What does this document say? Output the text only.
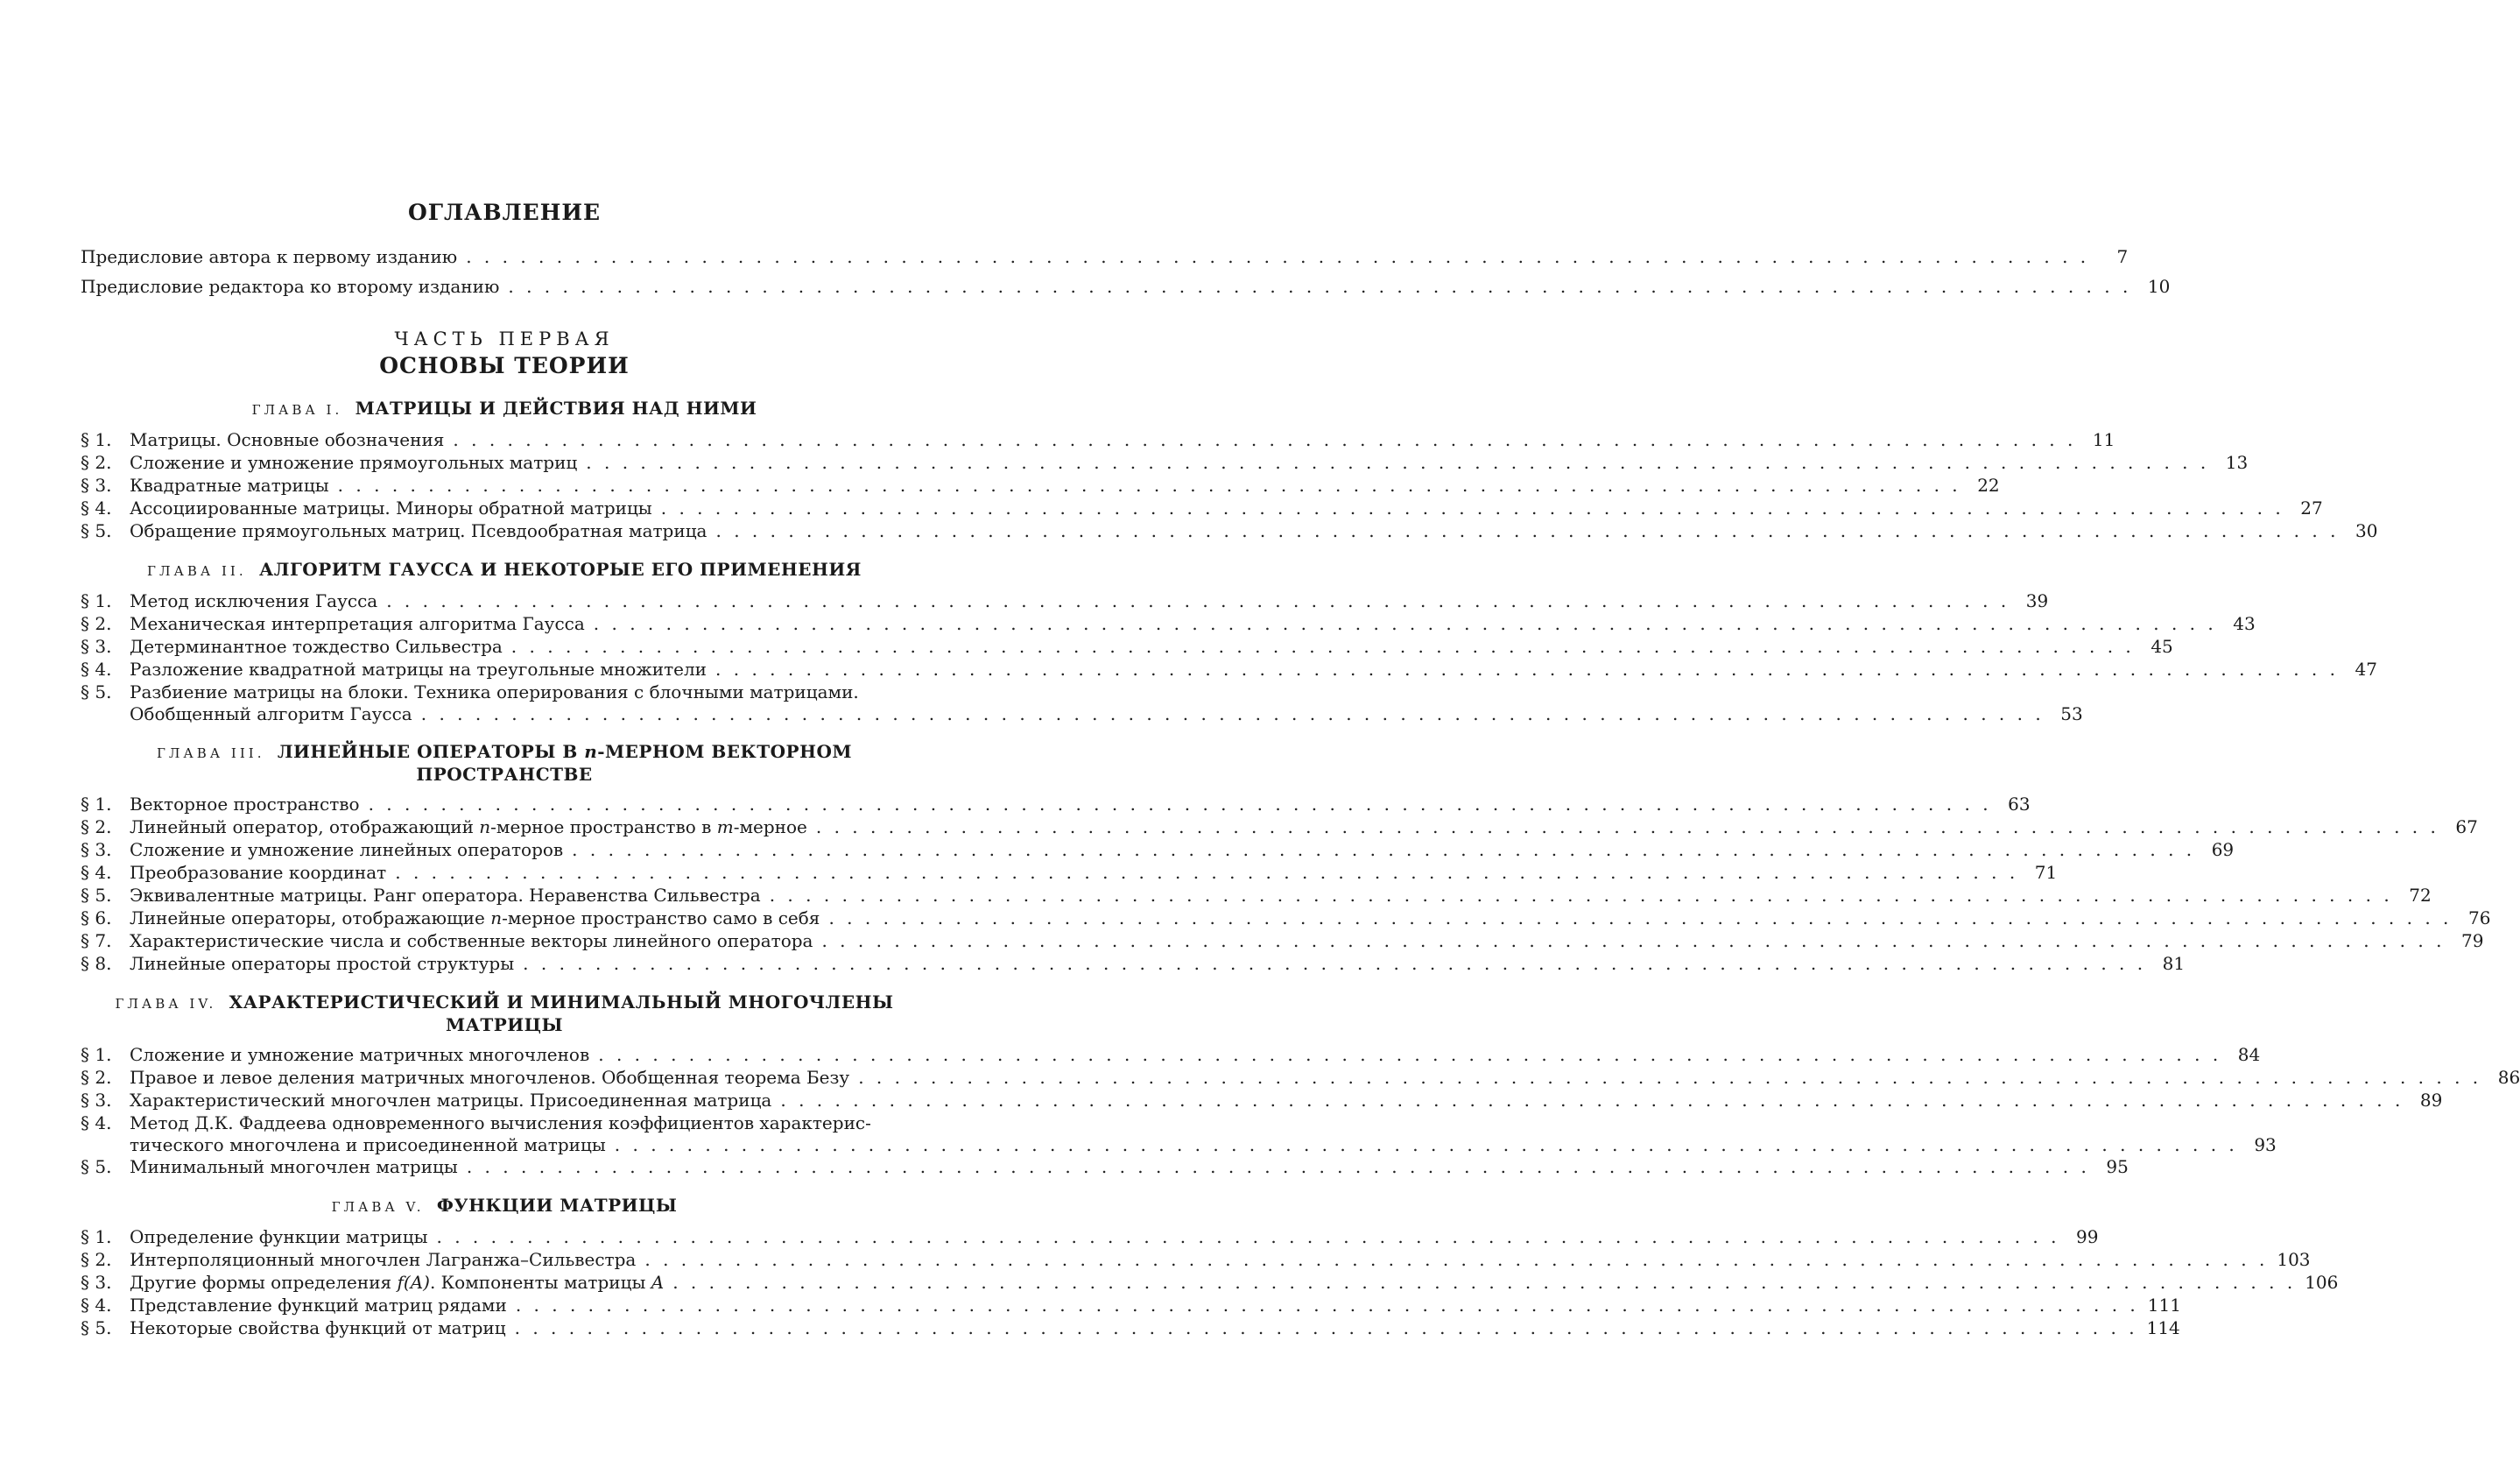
ОГЛАВЛЕНИЕ
Предисловие автора к первому изданию . . .	7
Предисловие редактора ко второму изданию . . .	10
ЧАСТЬ ПЕРВАЯ
ОСНОВЫ ТЕОРИИ
ГЛАВА I. МАТРИЦЫ И ДЕЙСТВИЯ НАД НИМИ
§ 1.	Матрицы. Основные обозначения . . .	11
§ 2.	Сложение и умножение прямоугольных матриц . . .	13
§ 3.	Квадратные матрицы . . .	22
§ 4.	Ассоциированные матрицы. Миноры обратной матрицы . . .	27
§ 5.	Обращение прямоугольных матриц. Псевдообратная матрица . . .	30
ГЛАВА II. АЛГОРИТМ ГАУССА И НЕКОТОРЫЕ ЕГО ПРИМЕНЕНИЯ
§ 1.	Метод исключения Гаусса . . .	39
§ 2.	Механическая интерпретация алгоритма Гаусса . . .	43
§ 3.	Детерминантное тождество Сильвестра . . .	45
§ 4.	Разложение квадратной матрицы на треугольные множители . . .	47
§ 5.	Разбиение матрицы на блоки. Техника оперирования с блочными матрицами.
Обобщенный алгоритм Гаусса . . .	53
ГЛАВА III. ЛИНЕЙНЫЕ ОПЕРАТОРЫ В n-МЕРНОМ ВЕКТОРНОМ
ПРОСТРАНСТВЕ
§ 1.	Векторное пространство . . .	63
§ 2.	Линейный оператор, отображающий n-мерное пространство в m-мерное . . .	67
§ 3.	Сложение и умножение линейных операторов . . .	69
§ 4.	Преобразование координат . . .	71
§ 5.	Эквивалентные матрицы. Ранг оператора. Неравенства Сильвестра . . .	72
§ 6.	Линейные операторы, отображающие n-мерное пространство само в себя . . .	76
§ 7.	Характеристические числа и собственные векторы линейного оператора . . .	79
§ 8.	Линейные операторы простой структуры . . .	81
ГЛАВА IV. ХАРАКТЕРИСТИЧЕСКИЙ И МИНИМАЛЬНЫЙ МНОГОЧЛЕНЫ
МАТРИЦЫ
§ 1.	Сложение и умножение матричных многочленов . . .	84
§ 2.	Правое и левое деления матричных многочленов. Обобщенная теорема Безу . . .	86
§ 3.	Характеристический многочлен матрицы. Присоединенная матрица . . .	89
§ 4.	Метод Д.К. Фаддеева одновременного вычисления коэффициентов характерис-
тического многочлена и присоединенной матрицы . . .	93
§ 5.	Минимальный многочлен матрицы . . .	95
ГЛАВА V. ФУНКЦИИ МАТРИЦЫ
§ 1.	Определение функции матрицы . . .	99
§ 2.	Интерполяционный многочлен Лагранжа–Сильвестра . . .	103
§ 3.	Другие формы определения f(A). Компоненты матрицы A . . .	106
§ 4.	Представление функций матриц рядами . . .	111
§ 5.	Некоторые свойства функций от матриц . . .	114
